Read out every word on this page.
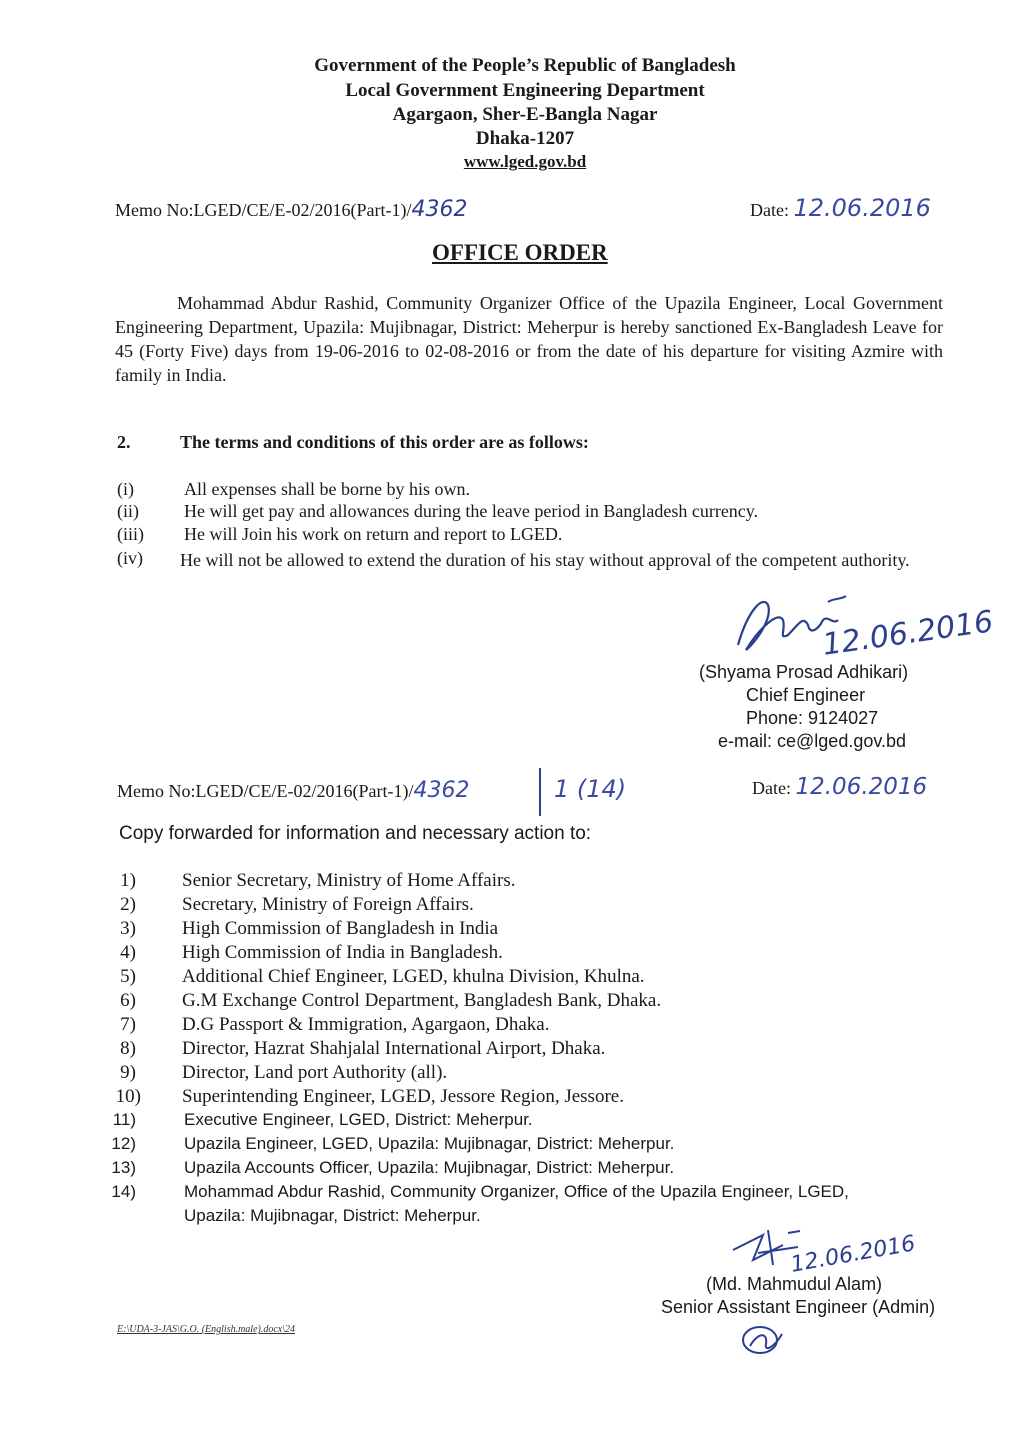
Government of the People’s Republic of Bangladesh
Local Government Engineering Department
Agargaon, Sher-E-Bangla Nagar
Dhaka-1207
www.lged.gov.bd
Memo No:LGED/CE/E-02/2016(Part-1)/4362	Date: 12.06.2016
OFFICE ORDER
Mohammad Abdur Rashid, Community Organizer Office of the Upazila Engineer, Local Government Engineering Department, Upazila: Mujibnagar, District: Meherpur is hereby sanctioned Ex-Bangladesh Leave for 45 (Forty Five) days from 19-06-2016 to 02-08-2016 or from the date of his departure for visiting Azmire with family in India.
2.	The terms and conditions of this order are as follows:
(i)	All expenses shall be borne by his own.
(ii)	He will get pay and allowances during the leave period in Bangladesh currency.
(iii) He will Join his work on return and report to LGED.
(iv) He will not be allowed to extend the duration of his stay without approval of the competent authority.
12.06.2016
(Shyama Prosad Adhikari)
Chief Engineer
Phone: 9124027
e-mail: ce@lged.gov.bd
Memo No:LGED/CE/E-02/2016(Part-1)/4362	1 (14)	Date: 12.06.2016
Copy forwarded for information and necessary action to:
1) Senior Secretary, Ministry of Home Affairs.
2) Secretary, Ministry of Foreign Affairs.
3) High Commission of Bangladesh in India
4) High Commission of India in Bangladesh.
5) Additional Chief Engineer, LGED, khulna Division, Khulna.
6) G.M Exchange Control Department, Bangladesh Bank, Dhaka.
7) D.G Passport & Immigration, Agargaon, Dhaka.
8) Director, Hazrat Shahjalal International Airport, Dhaka.
9) Director, Land port Authority (all).
10) Superintending Engineer, LGED, Jessore Region, Jessore.
11)	Executive Engineer, LGED, District: Meherpur.
12)	Upazila Engineer, LGED, Upazila: Mujibnagar, District: Meherpur.
13)	Upazila Accounts Officer, Upazila: Mujibnagar, District: Meherpur.
14)	Mohammad Abdur Rashid, Community Organizer, Office of the Upazila Engineer, LGED,
Upazila: Mujibnagar, District: Meherpur.
12.06.2016
(Md. Mahmudul Alam)
Senior Assistant Engineer (Admin)
E:\UDA-3-JAS\G.O. (English.male).docx\24
